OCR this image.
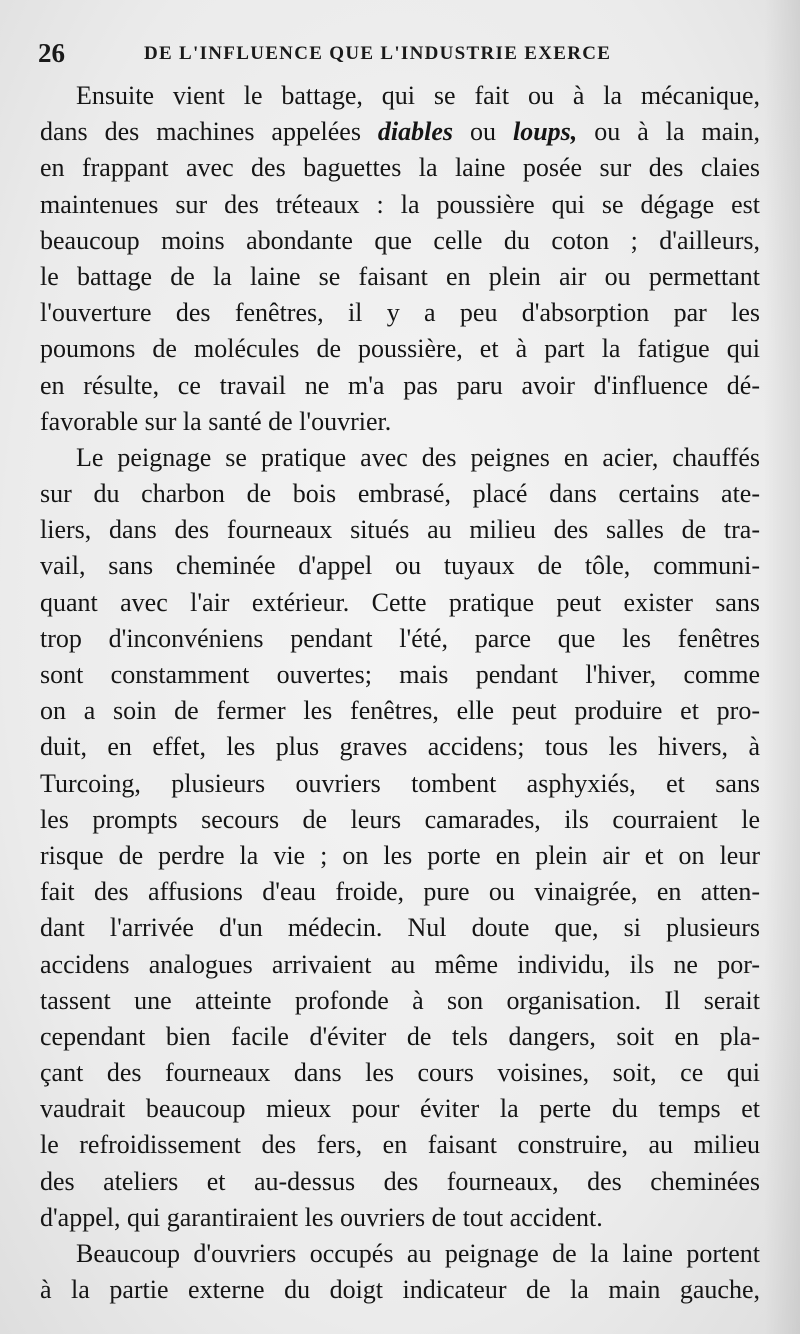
26	DE L'INFLUENCE QUE L'INDUSTRIE EXERCE
Ensuite vient le battage, qui se fait ou à la mécanique,
dans des machines appelées diables ou loups, ou à la main,
en frappant avec des baguettes la laine posée sur des claies
maintenues sur des tréteaux : la poussière qui se dégage est
beaucoup moins abondante que celle du coton ; d'ailleurs,
le battage de la laine se faisant en plein air ou permettant
l'ouverture des fenêtres, il y a peu d'absorption par les
poumons de molécules de poussière, et à part la fatigue qui
en résulte, ce travail ne m'a pas paru avoir d'influence dé-
favorable sur la santé de l'ouvrier.
Le peignage se pratique avec des peignes en acier, chauffés
sur du charbon de bois embrasé, placé dans certains ate-
liers, dans des fourneaux situés au milieu des salles de tra-
vail, sans cheminée d'appel ou tuyaux de tôle, communi-
quant avec l'air extérieur. Cette pratique peut exister sans
trop d'inconvéniens pendant l'été, parce que les fenêtres
sont constamment ouvertes; mais pendant l'hiver, comme
on a soin de fermer les fenêtres, elle peut produire et pro-
duit, en effet, les plus graves accidens; tous les hivers, à
Turcoing, plusieurs ouvriers tombent asphyxiés, et sans
les prompts secours de leurs camarades, ils courraient le
risque de perdre la vie ; on les porte en plein air et on leur
fait des affusions d'eau froide, pure ou vinaigrée, en atten-
dant l'arrivée d'un médecin. Nul doute que, si plusieurs
accidens analogues arrivaient au même individu, ils ne por-
tassent une atteinte profonde à son organisation. Il serait
cependant bien facile d'éviter de tels dangers, soit en pla-
çant des fourneaux dans les cours voisines, soit, ce qui
vaudrait beaucoup mieux pour éviter la perte du temps et
le refroidissement des fers, en faisant construire, au milieu
des ateliers et au-dessus des fourneaux, des cheminées
d'appel, qui garantiraient les ouvriers de tout accident.
Beaucoup d'ouvriers occupés au peignage de la laine portent
à la partie externe du doigt indicateur de la main gauche,
